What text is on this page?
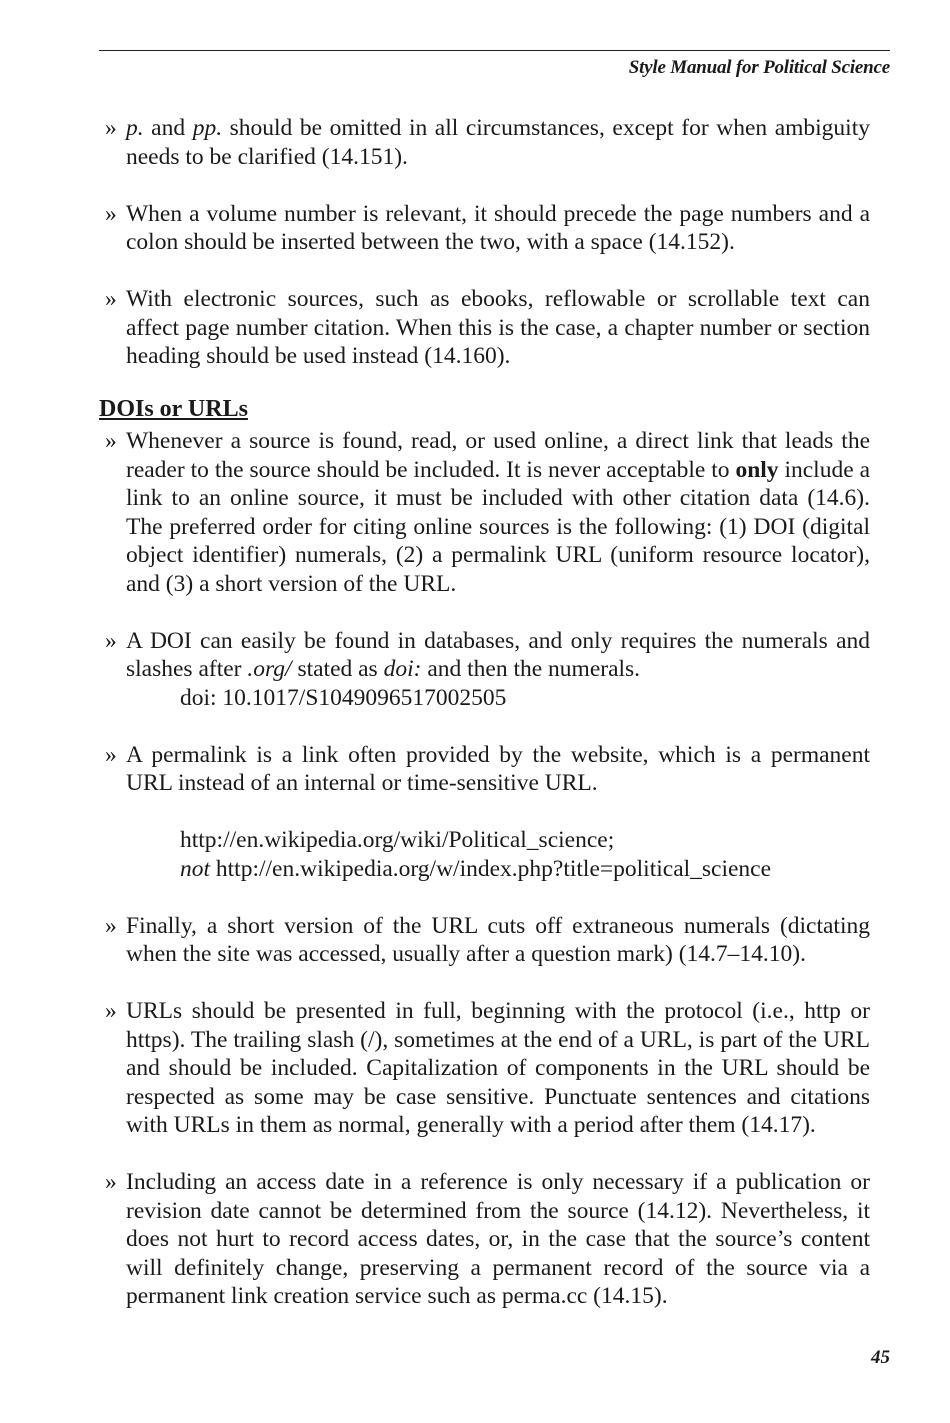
Style Manual for Political Science
»
p. and pp. should be omitted in all circumstances, except for when ambiguity needs to be clarified (14.151).
»
When a volume number is relevant, it should precede the page numbers and a colon should be inserted between the two, with a space (14.152).
»
With electronic sources, such as ebooks, reflowable or scrollable text can affect page number citation. When this is the case, a chapter number or section heading should be used instead (14.160).
DOIs or URLs
»
Whenever a source is found, read, or used online, a direct link that leads the reader to the source should be included. It is never acceptable to only include a link to an online source, it must be included with other citation data (14.6). The preferred order for citing online sources is the following: (1) DOI (digital object identifier) numerals, (2) a permalink URL (uniform resource locator), and (3) a short version of the URL.
»
A DOI can easily be found in databases, and only requires the numerals and slashes after .org/ stated as doi: and then the numerals.
doi: 10.1017/S1049096517002505
»
A permalink is a link often provided by the website, which is a permanent URL instead of an internal or time-sensitive URL.
http://en.wikipedia.org/wiki/Political_science;
not http://en.wikipedia.org/w/index.php?title=political_science
»
Finally, a short version of the URL cuts off extraneous numerals (dictating when the site was accessed, usually after a question mark) (14.7–14.10).
»
URLs should be presented in full, beginning with the protocol (i.e., http or https). The trailing slash (/), sometimes at the end of a URL, is part of the URL and should be included. Capitalization of components in the URL should be respected as some may be case sensitive. Punctuate sentences and citations with URLs in them as normal, generally with a period after them (14.17).
»
Including an access date in a reference is only necessary if a publication or revision date cannot be determined from the source (14.12). Nevertheless, it does not hurt to record access dates, or, in the case that the source’s content will definitely change, preserving a permanent record of the source via a permanent link creation service such as perma.cc (14.15).
45
